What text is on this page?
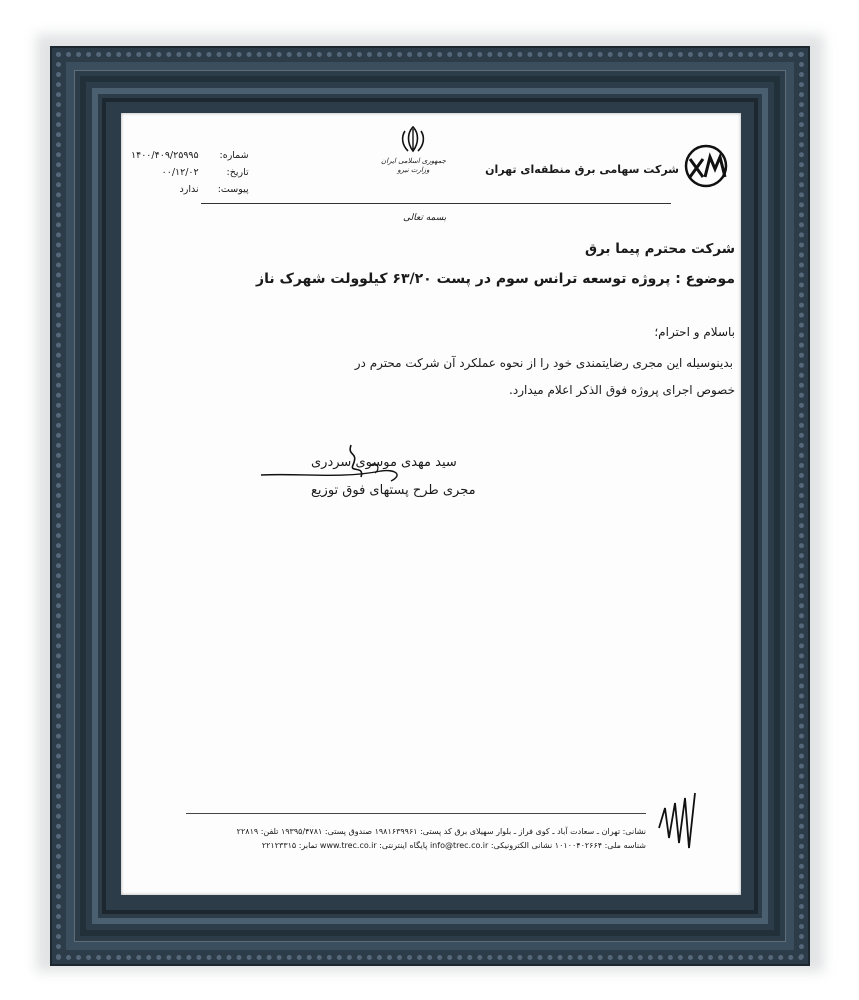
شرکت سهامی برق منطقه‌ای تهران
جمهوری اسلامی ایران
وزارت نیرو
شماره:
۱۴۰۰/۴۰۹/۲۵۹۹۵
تاریخ:
۰۰/۱۲/۰۲
پیوست:
ندارد
بسمه تعالی
شرکت محترم پیما برق
موضوع : پروژه توسعه ترانس سوم در پست ۶۳/۲۰ کیلوولت شهرک ناز
باسلام و احترام؛
بدینوسیله این مجری رضایتمندی خود را از نحوه عملکرد آن شرکت محترم در
خصوص اجرای پروژه فوق الذکر اعلام میدارد.
سید مهدی موسوی سردری
مجری طرح پستهای فوق توزیع
نشانی: تهران ـ سعادت آباد ـ کوی فراز ـ بلوار سهیلای برق کد پستی: ۱۹۸۱۶۳۹۹۶۱ صندوق پستی: ۱۹۳۹۵/۴۷۸۱ تلفن: ۲۲۸۱۹
شناسه ملی: ۱۰۱۰۰۴۰۲۶۶۴ نشانی الکترونیکی: info@trec.co.ir پایگاه اینترنتی: www.trec.co.ir تمابر: ۲۲۱۲۳۳۱۵
